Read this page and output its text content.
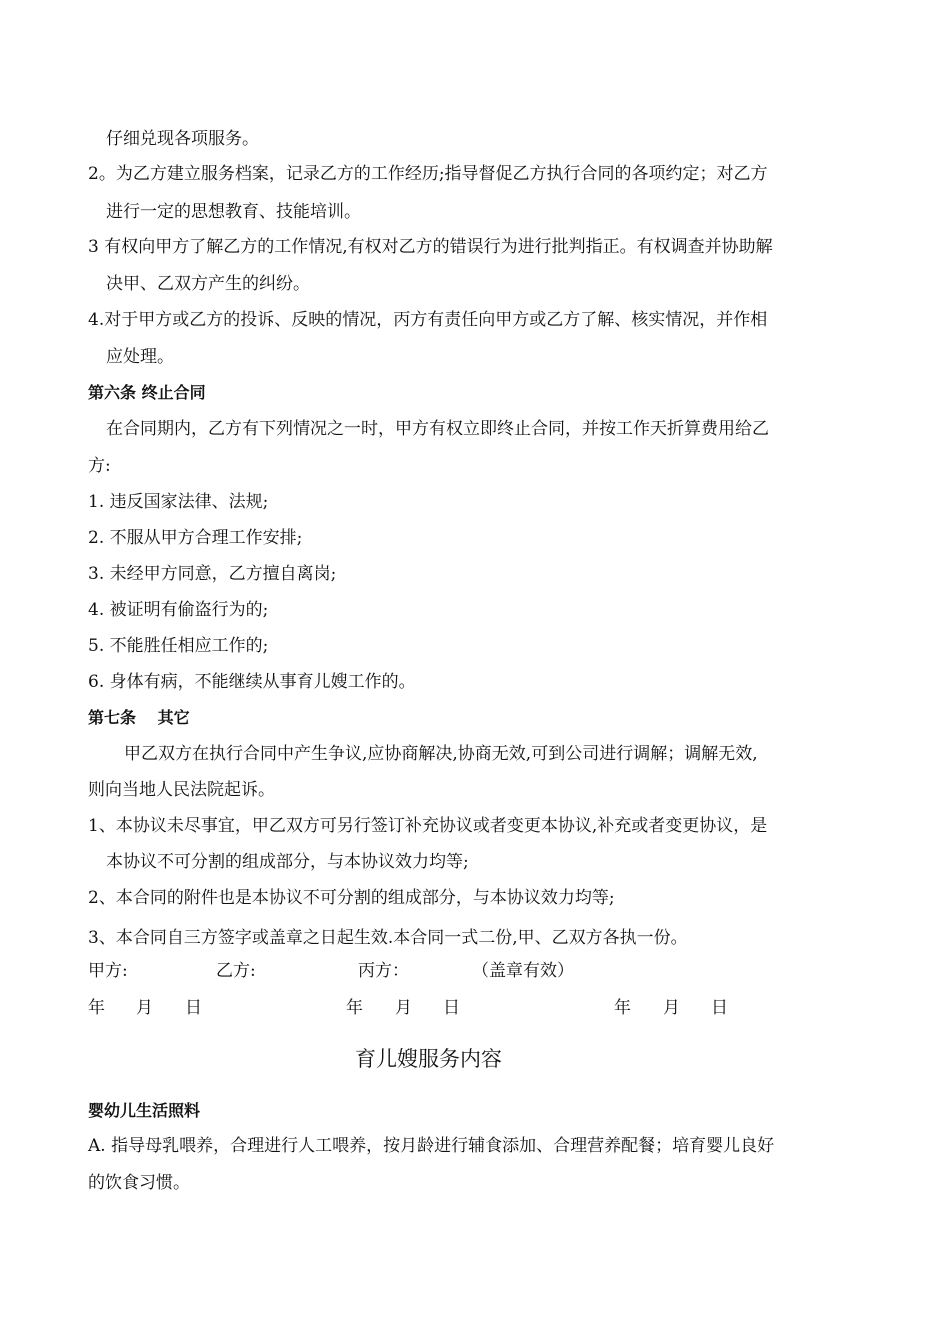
仔细兑现各项服务。
2。为乙方建立服务档案，记录乙方的工作经历;指导督促乙方执行合同的各项约定；对乙方
进行一定的思想教育、技能培训。
3 有权向甲方了解乙方的工作情况,有权对乙方的错误行为进行批判指正。有权调查并协助解
决甲、乙双方产生的纠纷。
4.对于甲方或乙方的投诉、反映的情况，丙方有责任向甲方或乙方了解、核实情况，并作相
应处理。
第六条 终止合同
在合同期内，乙方有下列情况之一时，甲方有权立即终止合同，并按工作天折算费用给乙
方:
1. 违反国家法律、法规;
2. 不服从甲方合理工作安排;
3. 未经甲方同意，乙方擅自离岗;
4. 被证明有偷盗行为的;
5. 不能胜任相应工作的;
6. 身体有病，不能继续从事育儿嫂工作的。
第七条　 其它
甲乙双方在执行合同中产生争议,应协商解决,协商无效,可到公司进行调解；调解无效,
则向当地人民法院起诉。
1、本协议未尽事宜，甲乙双方可另行签订补充协议或者变更本协议,补充或者变更协议，是
本协议不可分割的组成部分，与本协议效力均等;
2、本合同的附件也是本协议不可分割的组成部分，与本协议效力均等;
3、本合同自三方签字或盖章之日起生效.本合同一式二份,甲、乙双方各执一份。
甲方:	乙方:	丙方：	（盖章有效）
年 月 日	年 月 日	年 月 日
育儿嫂服务内容
婴幼儿生活照料
A. 指导母乳喂养，合理进行人工喂养，按月龄进行辅食添加、合理营养配餐；培育婴儿良好
的饮食习惯。
